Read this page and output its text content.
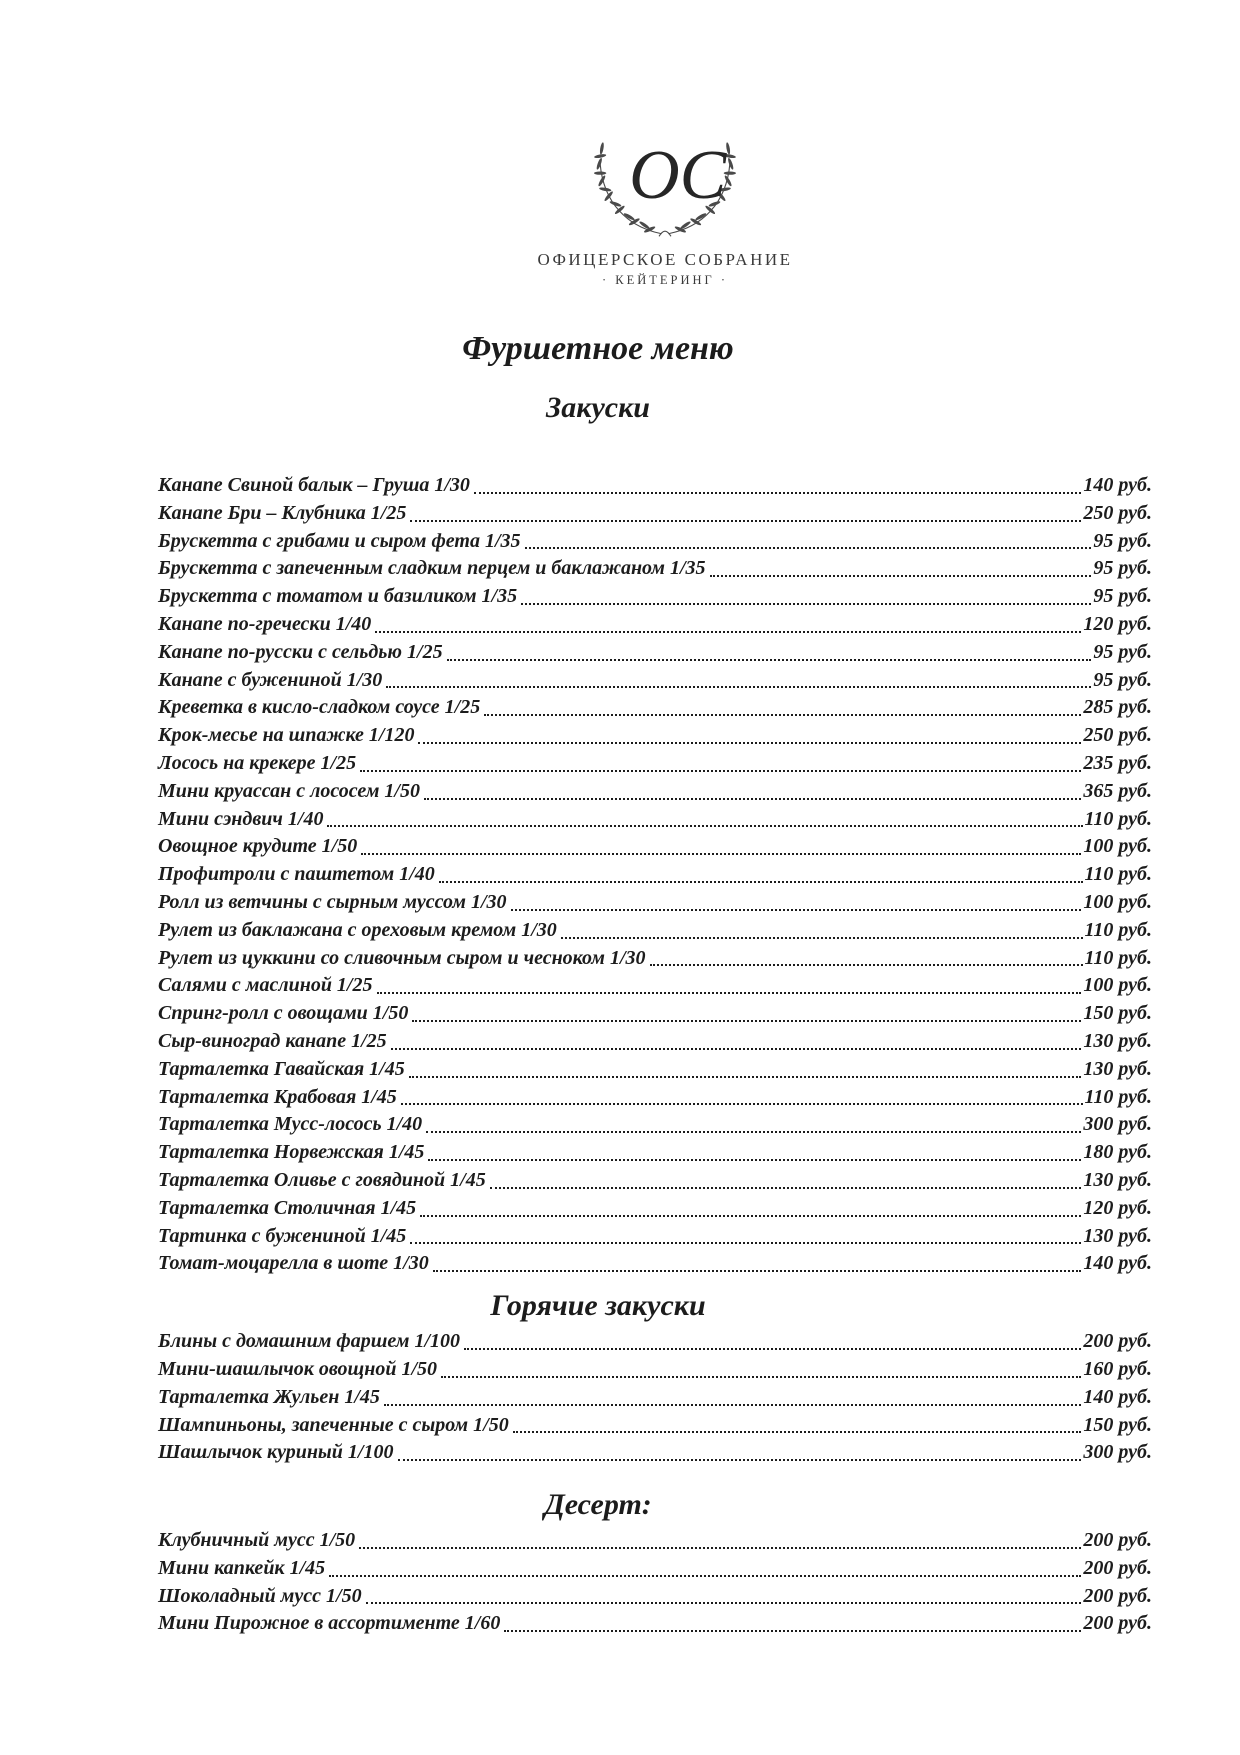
ОС
ОФИЦЕРСКОЕ СОБРАНИЕ
· КЕЙТЕРИНГ ·
Фуршетное меню
Закуски
Канапе Свиной балык – Груша 1/30	140 руб.
Канапе Бри – Клубника 1/25	250 руб.
Брускетта с грибами и сыром фета 1/35	95 руб.
Брускетта с запеченным сладким перцем и баклажаном 1/35	95 руб.
Брускетта с томатом и базиликом 1/35	95 руб.
Канапе по-гречески 1/40	120 руб.
Канапе по-русски с сельдью 1/25	95 руб.
Канапе с бужениной 1/30	95 руб.
Креветка в кисло-сладком соусе 1/25	285 руб.
Крок-месье на шпажке 1/120	250 руб.
Лосось на крекере 1/25	235 руб.
Мини круассан с лососем 1/50	365 руб.
Мини сэндвич 1/40	110 руб.
Овощное крудите 1/50	100 руб.
Профитроли с паштетом 1/40	110 руб.
Ролл из ветчины с сырным муссом 1/30	100 руб.
Рулет из баклажана с ореховым кремом 1/30	110 руб.
Рулет из цуккини со сливочным сыром и чесноком 1/30	110 руб.
Салями с маслиной 1/25	100 руб.
Спринг-ролл с овощами 1/50	150 руб.
Сыр-виноград канапе 1/25	130 руб.
Тарталетка Гавайская 1/45	130 руб.
Тарталетка Крабовая 1/45	110 руб.
Тарталетка Мусс-лосось 1/40	300 руб.
Тарталетка Норвежская 1/45	180 руб.
Тарталетка Оливье с говядиной 1/45	130 руб.
Тарталетка Столичная 1/45	120 руб.
Тартинка с бужениной 1/45	130 руб.
Томат-моцарелла в шоте 1/30	140 руб.
Горячие закуски
Блины с домашним фаршем 1/100	200 руб.
Мини-шашлычок овощной 1/50	160 руб.
Тарталетка Жульен 1/45	140 руб.
Шампиньоны, запеченные с сыром 1/50	150 руб.
Шашлычок куриный 1/100	300 руб.
Десерт:
Клубничный мусс 1/50	200 руб.
Мини капкейк 1/45	200 руб.
Шоколадный мусс 1/50	200 руб.
Мини Пирожное в ассортименте 1/60	200 руб.
